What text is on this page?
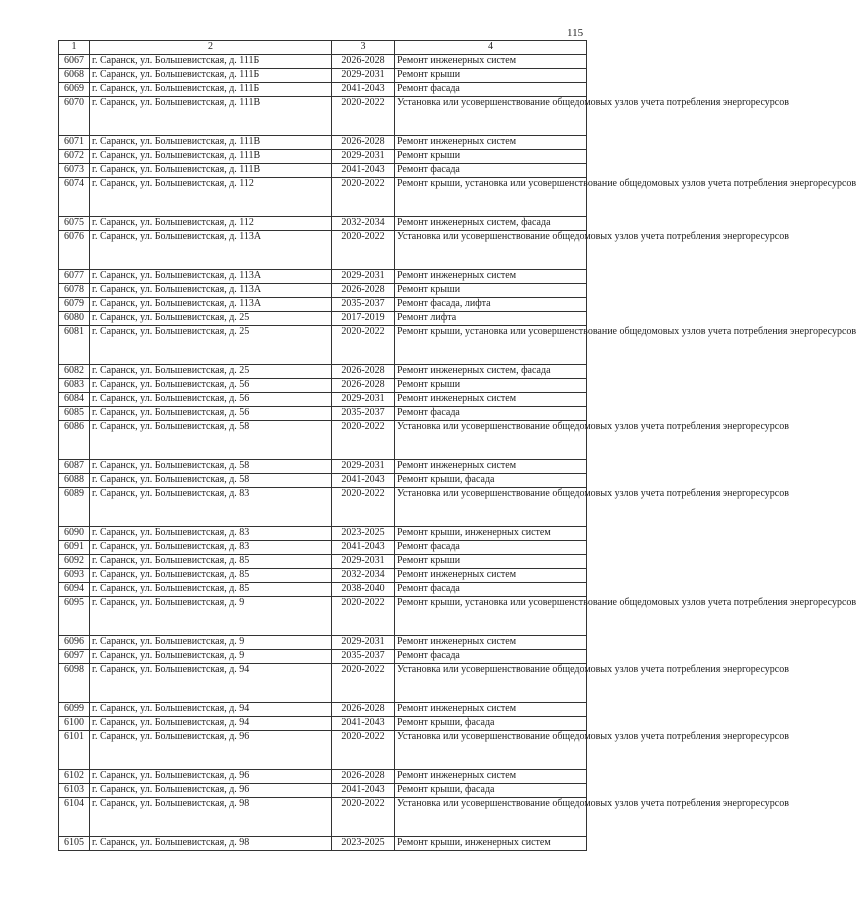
115
1	2	3	4
6067	г. Саранск, ул. Большевистская, д. 111Б	2026-2028	Ремонт инженерных систем
6068	г. Саранск, ул. Большевистская, д. 111Б	2029-2031	Ремонт крыши
6069	г. Саранск, ул. Большевистская, д. 111Б	2041-2043	Ремонт фасада
6070	г. Саранск, ул. Большевистская, д. 111В	2020-2022	Установка или усовершенствование общедомовых узлов учета потребления энергоресурсов
6071	г. Саранск, ул. Большевистская, д. 111В	2026-2028	Ремонт инженерных систем
6072	г. Саранск, ул. Большевистская, д. 111В	2029-2031	Ремонт крыши
6073	г. Саранск, ул. Большевистская, д. 111В	2041-2043	Ремонт фасада
6074	г. Саранск, ул. Большевистская, д. 112	2020-2022	Ремонт крыши, установка или усовершенствование общедомовых узлов учета потребления энергоресурсов
6075	г. Саранск, ул. Большевистская, д. 112	2032-2034	Ремонт инженерных систем, фасада
6076	г. Саранск, ул. Большевистская, д. 113А	2020-2022	Установка или усовершенствование общедомовых узлов учета потребления энергоресурсов
6077	г. Саранск, ул. Большевистская, д. 113А	2029-2031	Ремонт инженерных систем
6078	г. Саранск, ул. Большевистская, д. 113А	2026-2028	Ремонт крыши
6079	г. Саранск, ул. Большевистская, д. 113А	2035-2037	Ремонт фасада, лифта
6080	г. Саранск, ул. Большевистская, д. 25	2017-2019	Ремонт лифта
6081	г. Саранск, ул. Большевистская, д. 25	2020-2022	Ремонт крыши, установка или усовершенствование общедомовых узлов учета потребления энергоресурсов
6082	г. Саранск, ул. Большевистская, д. 25	2026-2028	Ремонт инженерных систем, фасада
6083	г. Саранск, ул. Большевистская, д. 56	2026-2028	Ремонт крыши
6084	г. Саранск, ул. Большевистская, д. 56	2029-2031	Ремонт инженерных систем
6085	г. Саранск, ул. Большевистская, д. 56	2035-2037	Ремонт фасада
6086	г. Саранск, ул. Большевистская, д. 58	2020-2022	Установка или усовершенствование общедомовых узлов учета потребления энергоресурсов
6087	г. Саранск, ул. Большевистская, д. 58	2029-2031	Ремонт инженерных систем
6088	г. Саранск, ул. Большевистская, д. 58	2041-2043	Ремонт крыши, фасада
6089	г. Саранск, ул. Большевистская, д. 83	2020-2022	Установка или усовершенствование общедомовых узлов учета потребления энергоресурсов
6090	г. Саранск, ул. Большевистская, д. 83	2023-2025	Ремонт крыши, инженерных систем
6091	г. Саранск, ул. Большевистская, д. 83	2041-2043	Ремонт фасада
6092	г. Саранск, ул. Большевистская, д. 85	2029-2031	Ремонт крыши
6093	г. Саранск, ул. Большевистская, д. 85	2032-2034	Ремонт инженерных систем
6094	г. Саранск, ул. Большевистская, д. 85	2038-2040	Ремонт фасада
6095	г. Саранск, ул. Большевистская, д. 9	2020-2022	Ремонт крыши, установка или усовершенствование общедомовых узлов учета потребления энергоресурсов
6096	г. Саранск, ул. Большевистская, д. 9	2029-2031	Ремонт инженерных систем
6097	г. Саранск, ул. Большевистская, д. 9	2035-2037	Ремонт фасада
6098	г. Саранск, ул. Большевистская, д. 94	2020-2022	Установка или усовершенствование общедомовых узлов учета потребления энергоресурсов
6099	г. Саранск, ул. Большевистская, д. 94	2026-2028	Ремонт инженерных систем
6100	г. Саранск, ул. Большевистская, д. 94	2041-2043	Ремонт крыши, фасада
6101	г. Саранск, ул. Большевистская, д. 96	2020-2022	Установка или усовершенствование общедомовых узлов учета потребления энергоресурсов
6102	г. Саранск, ул. Большевистская, д. 96	2026-2028	Ремонт инженерных систем
6103	г. Саранск, ул. Большевистская, д. 96	2041-2043	Ремонт крыши, фасада
6104	г. Саранск, ул. Большевистская, д. 98	2020-2022	Установка или усовершенствование общедомовых узлов учета потребления энергоресурсов
6105	г. Саранск, ул. Большевистская, д. 98	2023-2025	Ремонт крыши, инженерных систем
